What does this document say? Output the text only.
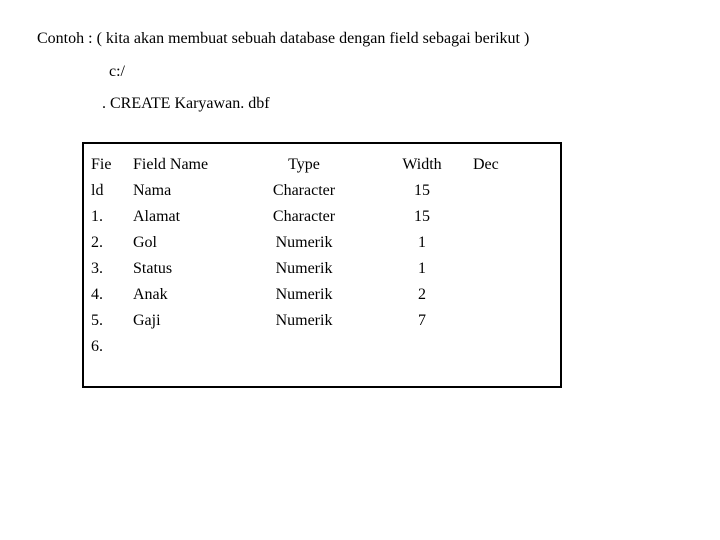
Contoh : ( kita akan membuat sebuah database dengan field sebagai berikut )
c:/
. CREATE Karyawan. dbf
Fie
ld
1.
2.
3.
4.
5.
6.
Field Name
Nama
Alamat
Gol
Status
Anak
Gaji
Type
Character
Character
Numerik
Numerik
Numerik
Numerik
Width
15
15
1
1
2
7
Dec
